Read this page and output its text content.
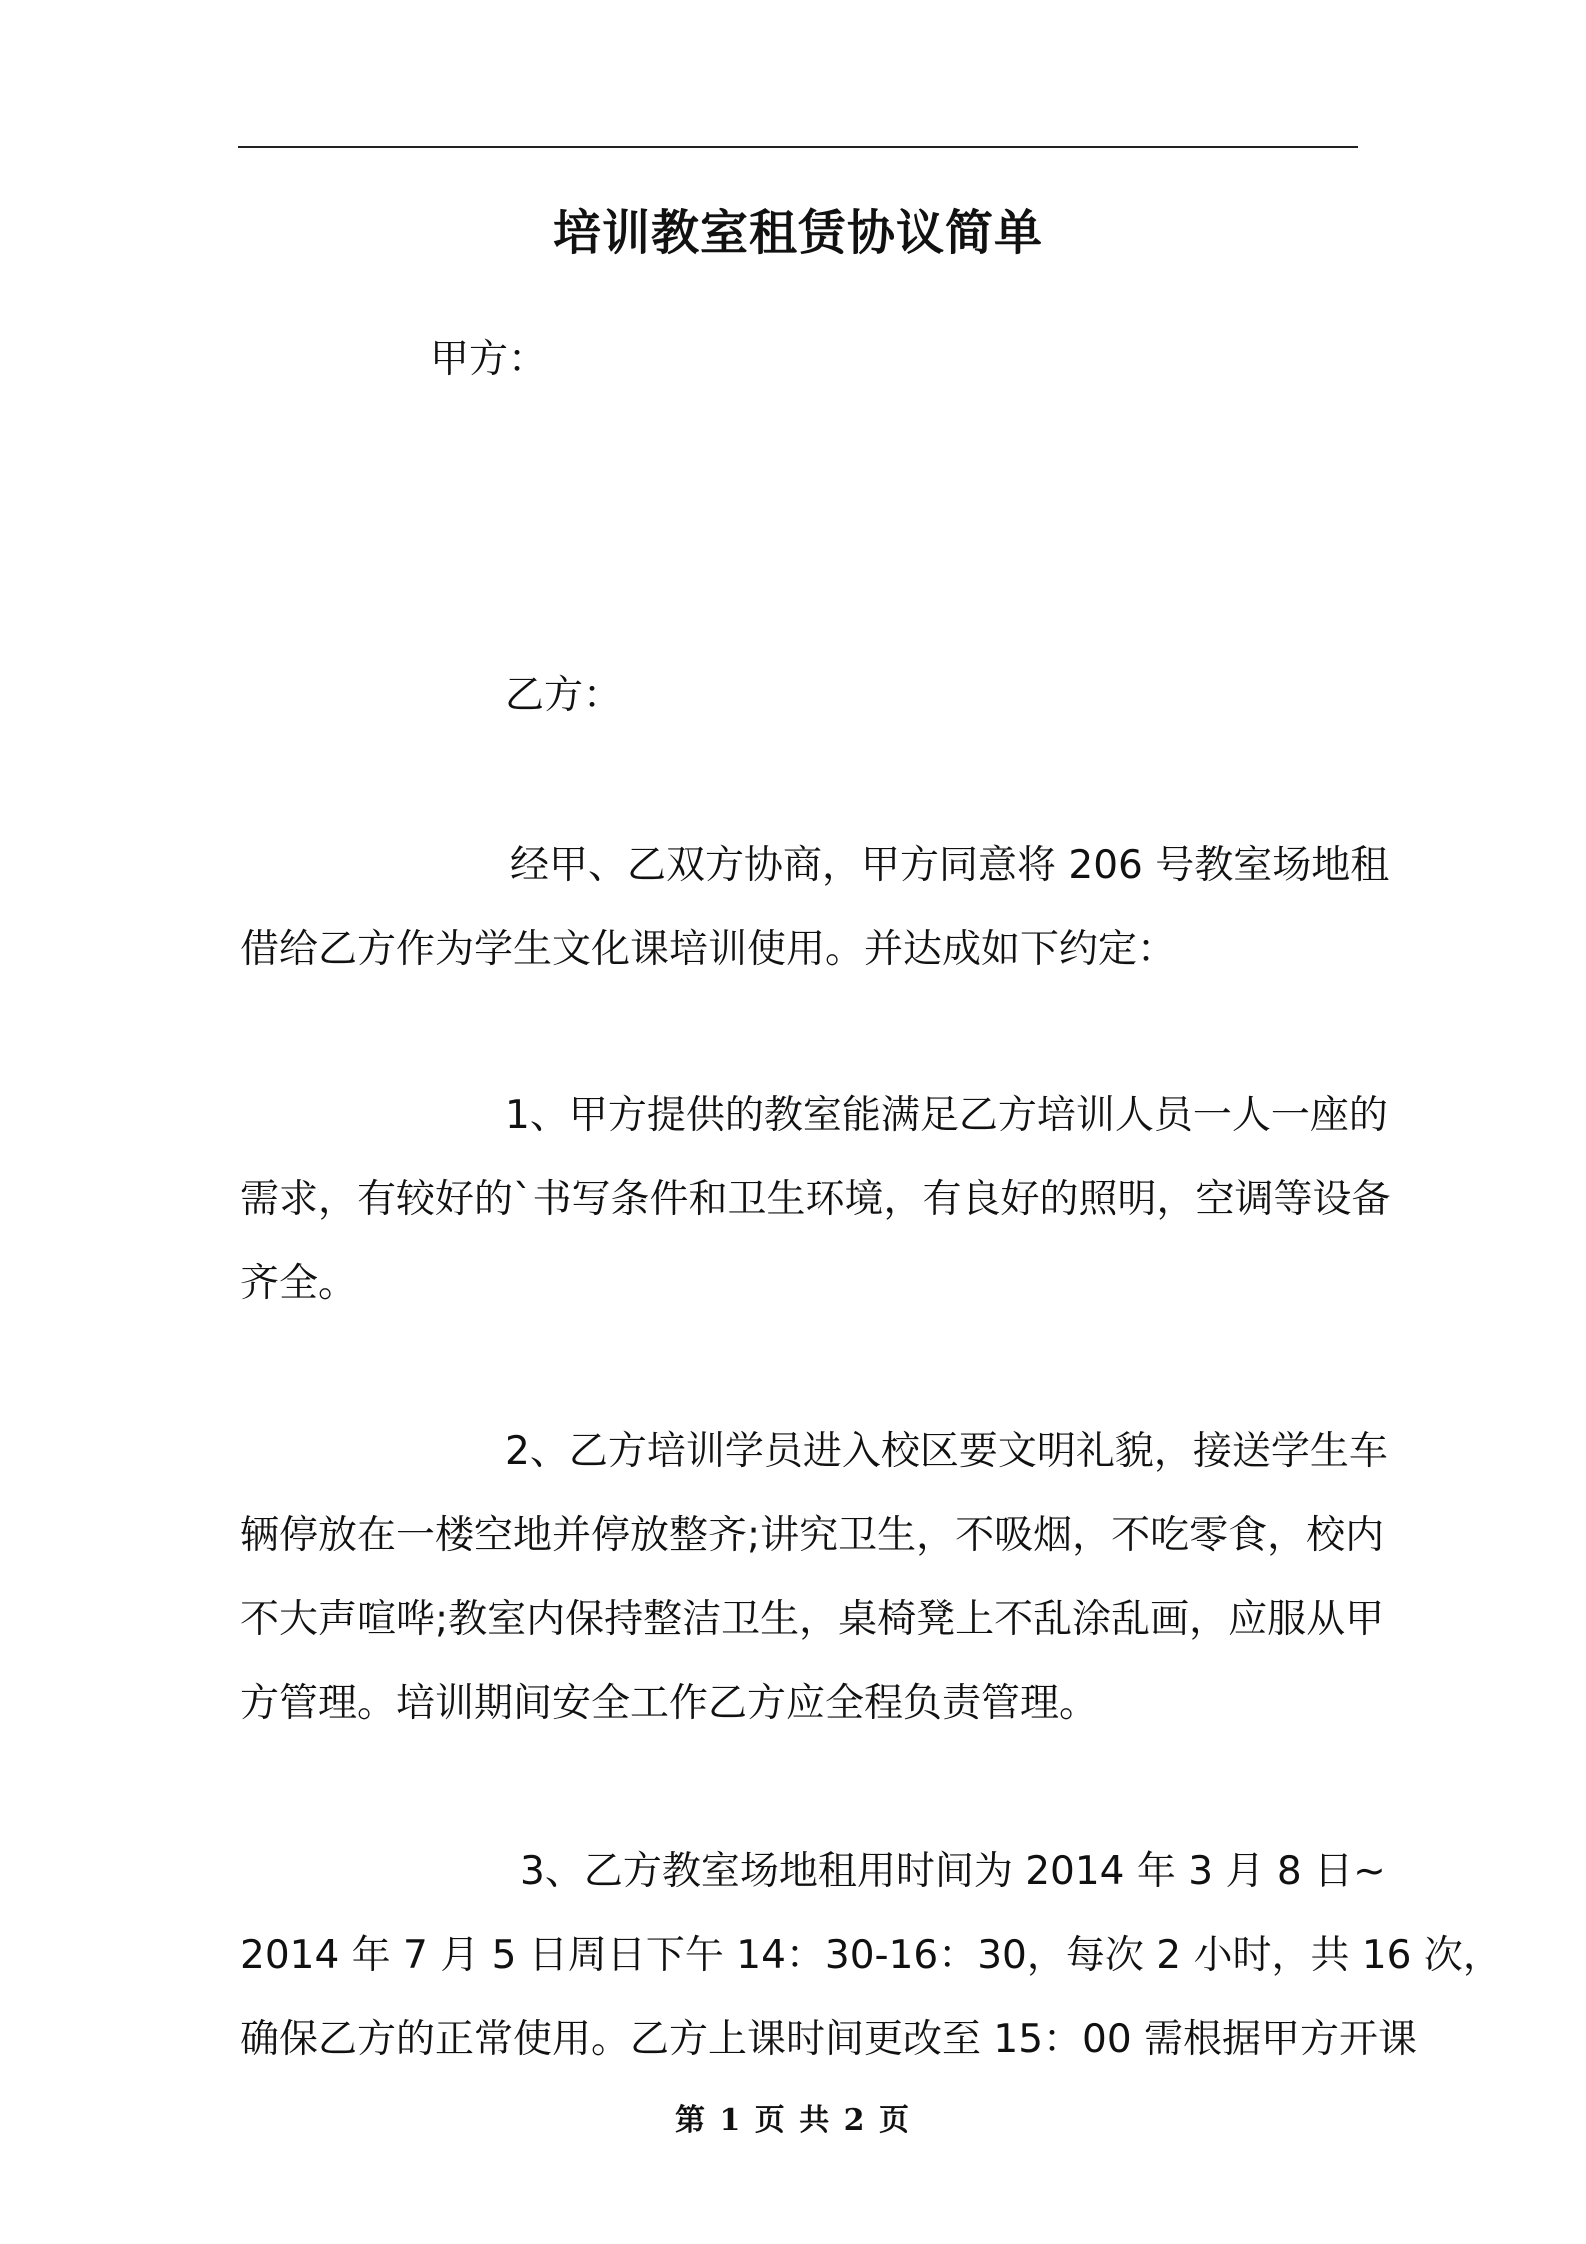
培训教室租赁协议简单
甲方：
乙方：
经甲、乙双方协商，甲方同意将 206 号教室场地租
借给乙方作为学生文化课培训使用。并达成如下约定：
1、甲方提供的教室能满足乙方培训人员一人一座的
需求，有较好的`书写条件和卫生环境，有良好的照明，空调等设备
齐全。
2、乙方培训学员进入校区要文明礼貌，接送学生车
辆停放在一楼空地并停放整齐;讲究卫生，不吸烟，不吃零食，校内
不大声喧哗;教室内保持整洁卫生，桌椅凳上不乱涂乱画，应服从甲
方管理。培训期间安全工作乙方应全程负责管理。
3、乙方教室场地租用时间为 2014 年 3 月 8 日~
2014 年 7 月 5 日周日下午 14：30-16：30，每次 2 小时，共 16 次，
确保乙方的正常使用。乙方上课时间更改至 15：00 需根据甲方开课
第 1 页 共 2 页
